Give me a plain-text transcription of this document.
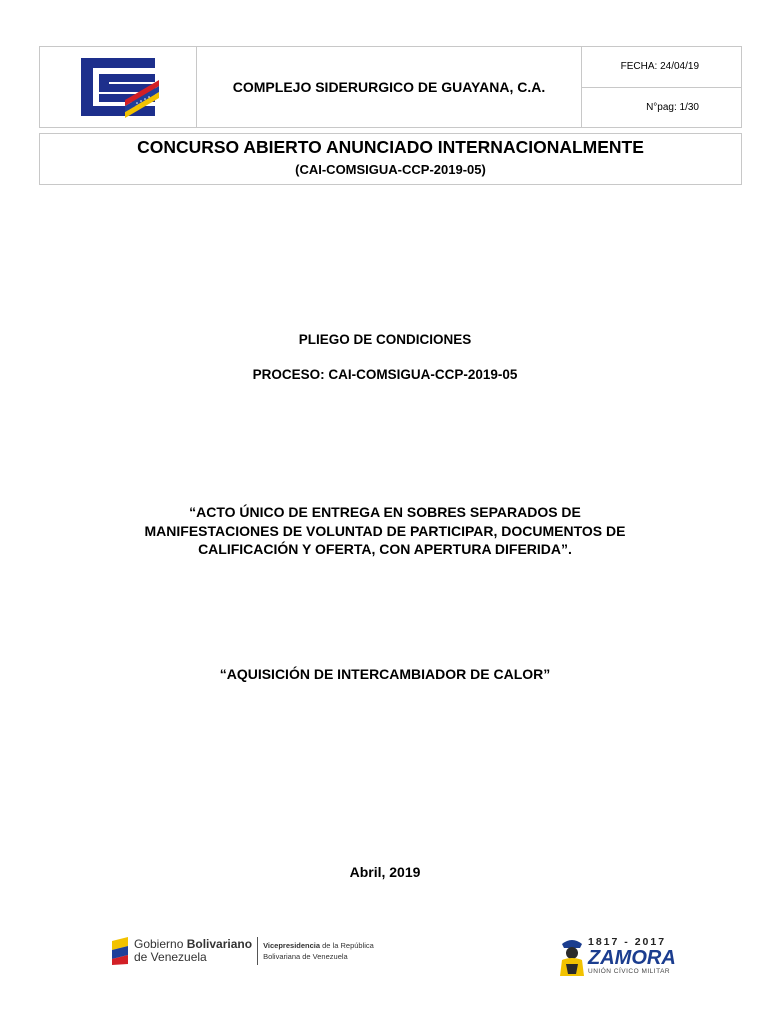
COMPLEJO SIDERURGICO DE GUAYANA, C.A.
FECHA: 24/04/19
N°pag: 1/30
CONCURSO ABIERTO ANUNCIADO INTERNACIONALMENTE
(CAI-COMSIGUA-CCP-2019-05)
PLIEGO DE CONDICIONES
PROCESO: CAI-COMSIGUA-CCP-2019-05
“ACTO ÚNICO DE ENTREGA EN SOBRES SEPARADOS DE
MANIFESTACIONES DE VOLUNTAD DE PARTICIPAR, DOCUMENTOS DE
CALIFICACIÓN Y OFERTA, CON APERTURA DIFERIDA”.
“AQUISICIÓN DE INTERCAMBIADOR DE CALOR”
Abril, 2019
Gobierno Bolivariano
de Venezuela
Vicepresidencia de la República
Bolivariana de Venezuela
1817 - 2017
ZAMORA
UNIÓN CÍVICO MILITAR
